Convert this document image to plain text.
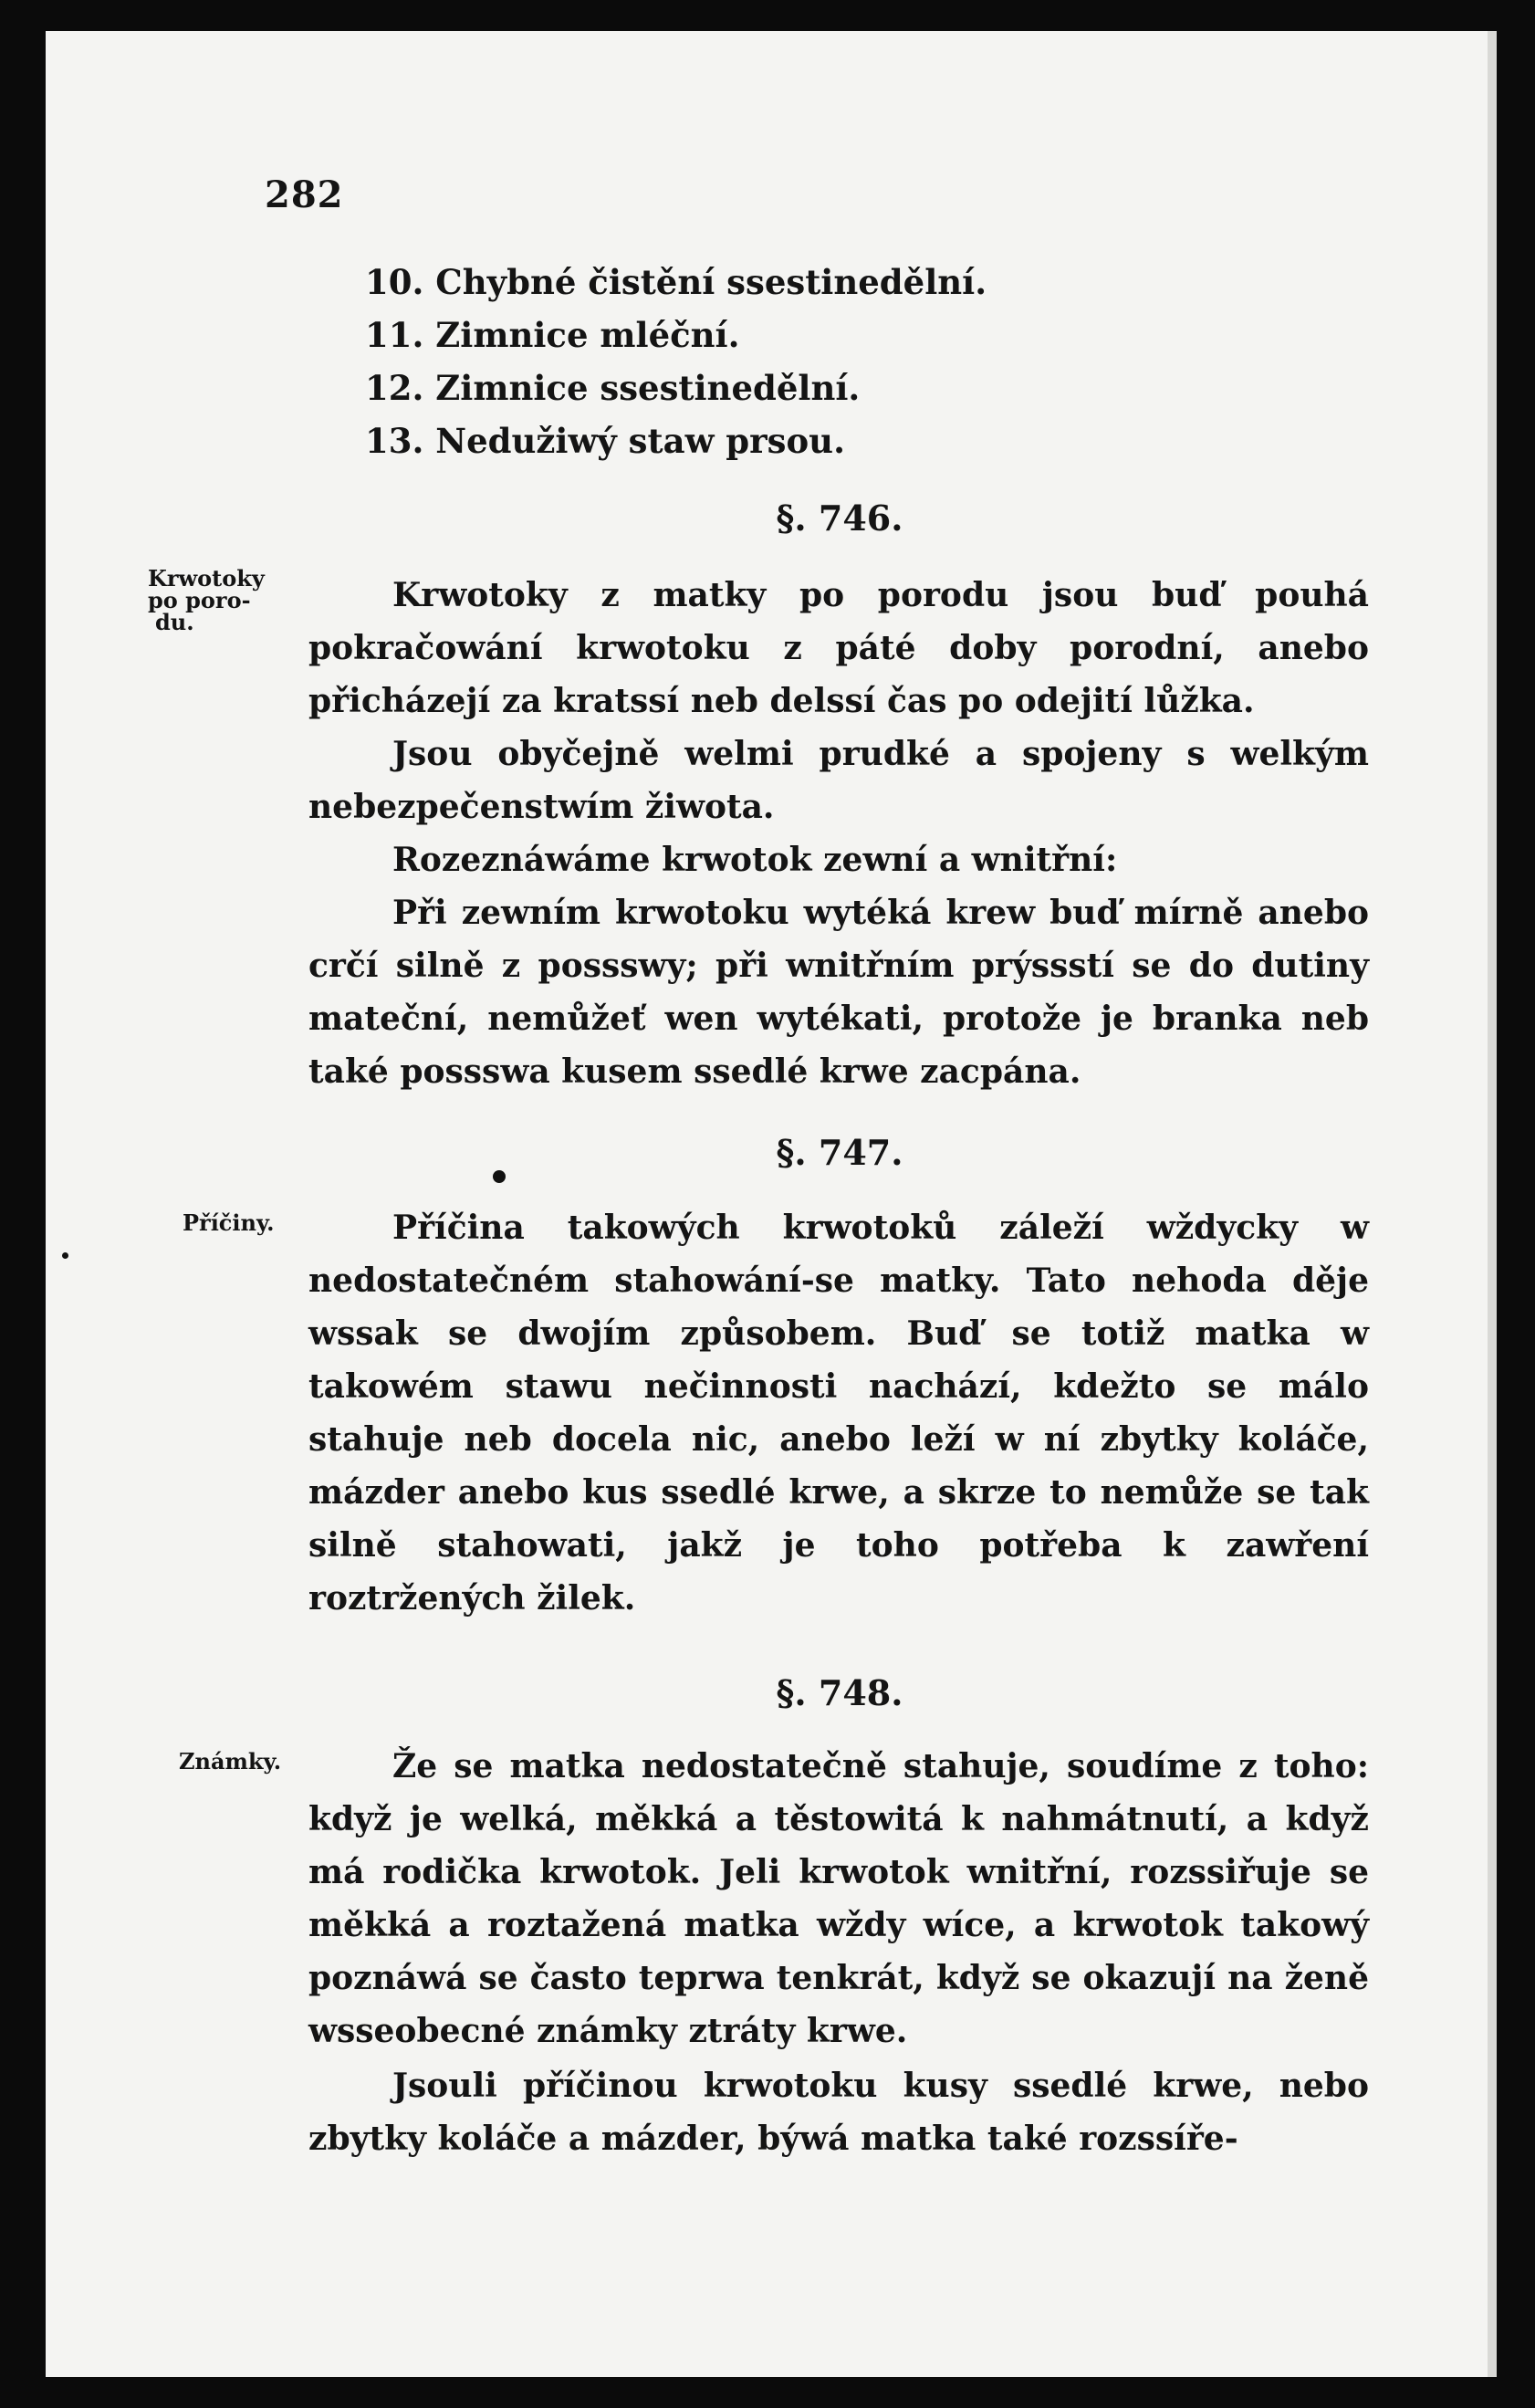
282
10. Chybné čistění ssestinedělní.
11. Zimnice mléční.
12. Zimnice ssestinedělní.
13. Nedužiwý staw prsou.
§. 746.
Krwotoky
po poro-
du.

Krwotoky z matky po porodu jsou buď pouhá pokračowání krwotoku z páté doby porodní, anebo přicházejí za kratssí neb delssí čas po odejití lůžka.

Jsou obyčejně welmi prudké a spojeny s welkým nebezpečenstwím žiwota.

Rozeznáwáme krwotok zewní a wnitřní:

Při zewním krwotoku wytéká krew buď mírně anebo crčí silně z possswy; při wnitřním prýssstí se do dutiny mateční, nemůžeť wen wytékati, protože je branka neb také possswa kusem ssedlé krwe zacpána.

§. 747.
Příčiny.	Příčina takowých krwotoků záleží wždycky w nedostatečném stahowání-se matky. Tato nehoda děje wssak se dwojím způsobem. Buď se totiž matka w takowém stawu nečinnosti nachází, kdežto se málo stahuje neb docela nic, anebo leží w ní zbytky koláče, mázder anebo kus ssedlé krwe, a skrze to nemůže se tak silně stahowati, jakž je toho potřeba k zawření roztržených žilek.

§. 748.
Známky.	Že se matka nedostatečně stahuje, soudíme z toho: když je welká, měkká a těstowitá k nahmátnutí, a když má rodička krwotok. Jeli krwotok wnitřní, rozssiřuje se měkká a roztažená matka wždy wíce, a krwotok takowý poznáwá se často teprwa tenkrát, když se okazují na ženě wsseobecné známky ztráty krwe.

Jsouli příčinou krwotoku kusy ssedlé krwe, nebo zbytky koláče a mázder, býwá matka také rozssíře-
